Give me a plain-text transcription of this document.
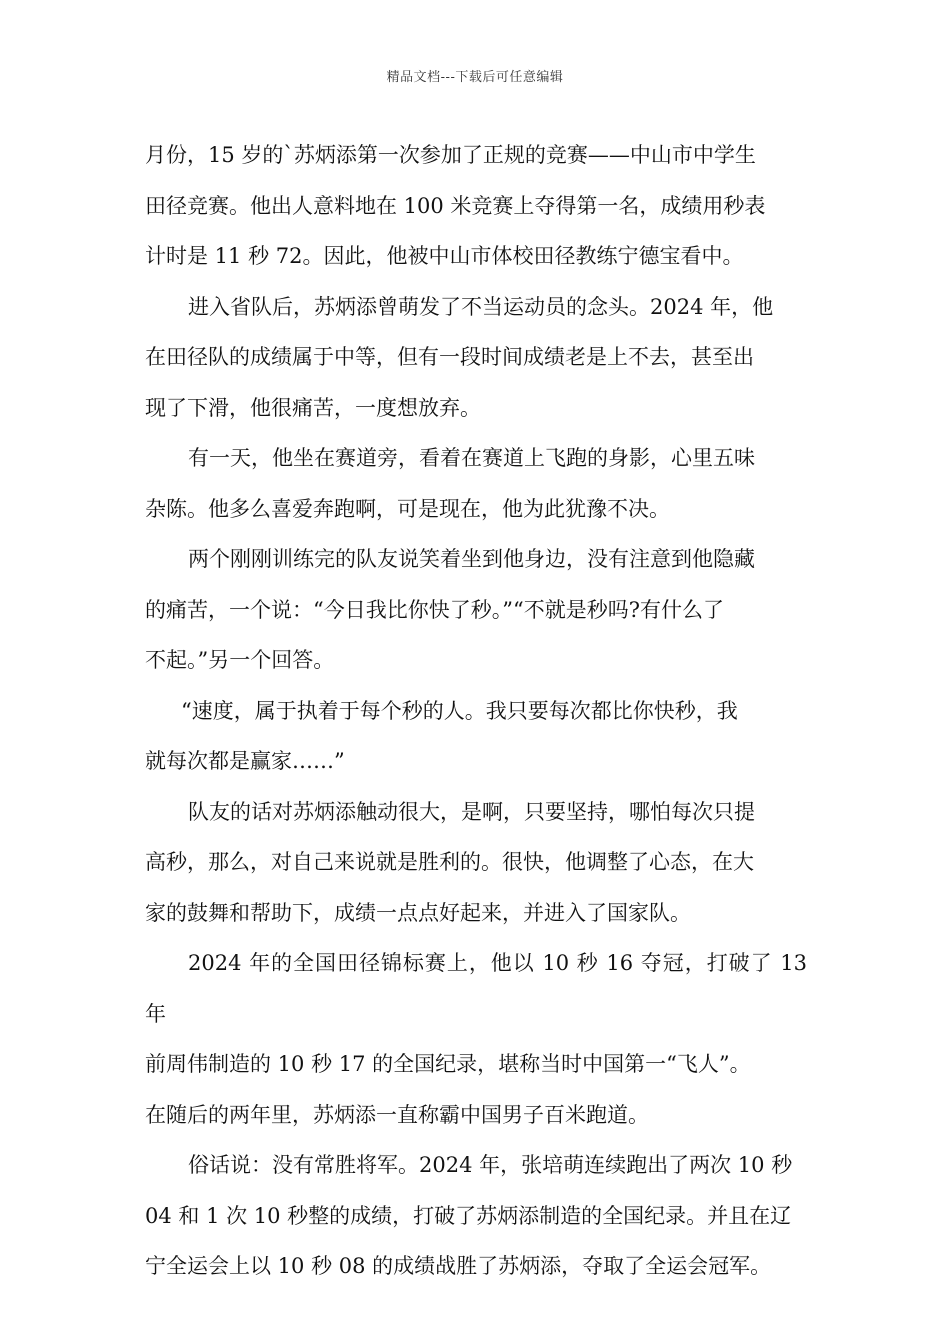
精品文档---下载后可任意编辑

月份，15 岁的`苏炳添第一次参加了正规的竞赛——中山市中学生
田径竞赛。他出人意料地在 100 米竞赛上夺得第一名，成绩用秒表
计时是 11 秒 72。因此，他被中山市体校田径教练宁德宝看中。

进入省队后，苏炳添曾萌发了不当运动员的念头。2024 年，他
在田径队的成绩属于中等，但有一段时间成绩老是上不去，甚至出
现了下滑，他很痛苦，一度想放弃。

有一天，他坐在赛道旁，看着在赛道上飞跑的身影，心里五味
杂陈。他多么喜爱奔跑啊，可是现在，他为此犹豫不决。

两个刚刚训练完的队友说笑着坐到他身边，没有注意到他隐藏
的痛苦，一个说：“今日我比你快了秒。”“不就是秒吗?有什么了
不起。”另一个回答。

“速度，属于执着于每个秒的人。我只要每次都比你快秒，我
就每次都是赢家……”

队友的话对苏炳添触动很大，是啊，只要坚持，哪怕每次只提
高秒，那么，对自己来说就是胜利的。很快，他调整了心态，在大
家的鼓舞和帮助下，成绩一点点好起来，并进入了国家队。

2024 年的全国田径锦标赛上，他以 10 秒 16 夺冠，打破了 13 年
前周伟制造的 10 秒 17 的全国纪录，堪称当时中国第一“飞人”。
在随后的两年里，苏炳添一直称霸中国男子百米跑道。

俗话说：没有常胜将军。2024 年，张培萌连续跑出了两次 10 秒
04 和 1 次 10 秒整的成绩，打破了苏炳添制造的全国纪录。并且在辽
宁全运会上以 10 秒 08 的成绩战胜了苏炳添，夺取了全运会冠军。
